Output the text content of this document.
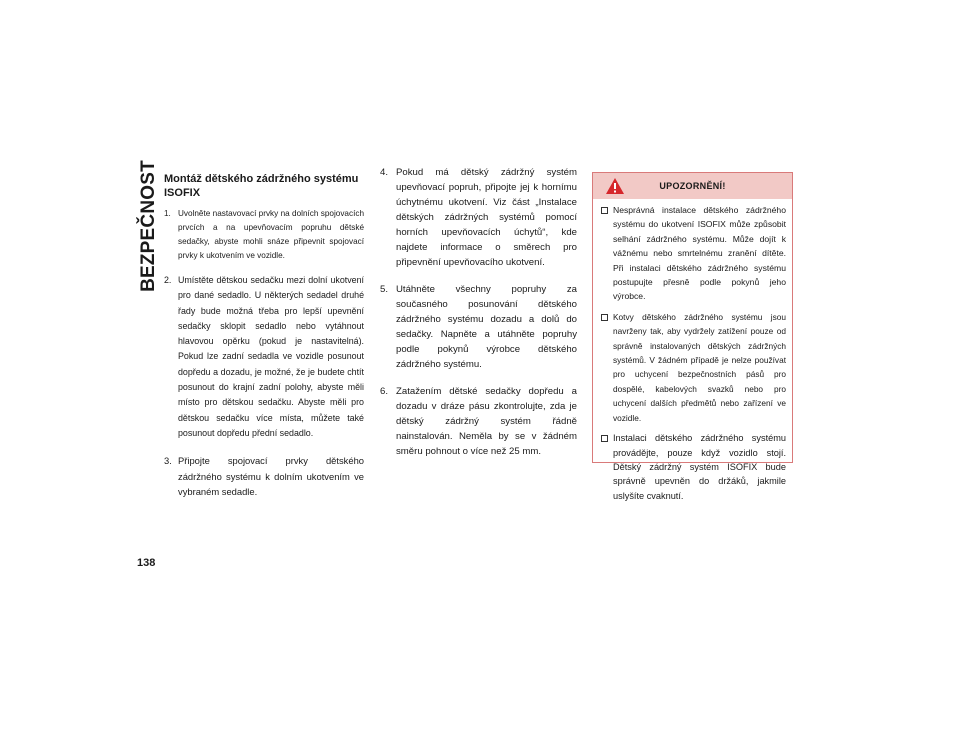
BEZPEČNOST
138
Montáž dětského zádržného systému ISOFIX
1. Uvolněte nastavovací prvky na dolních spojovacích prvcích a na upevňovacím popruhu dětské sedačky, abyste mohli snáze připevnit spojovací prvky k ukotvením ve vozidle.
2. Umístěte dětskou sedačku mezi dolní ukotvení pro dané sedadlo. U některých sedadel druhé řady bude možná třeba pro lepší upevnění sedačky sklopit sedadlo nebo vytáhnout hlavovou opěrku (pokud je nastavitelná). Pokud lze zadní sedadla ve vozidle posunout dopředu a dozadu, je možné, že je budete chtít posunout do krajní zadní polohy, abyste měli místo pro dětskou sedačku. Abyste měli pro dětskou sedačku více místa, můžete také posunout dopředu přední sedadlo.
3. Připojte spojovací prvky dětského zádržného systému k dolním ukotvením ve vybraném sedadle.
4. Pokud má dětský zádržný systém upevňovací popruh, připojte jej k hornímu úchytnému ukotvení. Viz část „Instalace dětských zádržných systémů pomocí horních upevňovacích úchytů“, kde najdete informace o směrech pro připevnění upevňovacího ukotvení.
5. Utáhněte všechny popruhy za současného posunování dětského zádržného systému dozadu a dolů do sedačky. Napněte a utáhněte popruhy podle pokynů výrobce dětského zádržného systému.
6. Zatažením dětské sedačky dopředu a dozadu v dráze pásu zkontrolujte, zda je dětský zádržný systém řádně nainstalován. Neměla by se v žádném směru pohnout o více než 25 mm.
UPOZORNĚNÍ!
Nesprávná instalace dětského zádržného systému do ukotvení ISOFIX může způsobit selhání zádržného systému. Může dojít k vážnému nebo smrtelnému zranění dítěte. Při instalaci dětského zádržného systému postupujte přesně podle pokynů jeho výrobce.
Kotvy dětského zádržného systému jsou navrženy tak, aby vydržely zatížení pouze od správně instalovaných dětských zádržných systémů. V žádném případě je nelze používat pro uchycení bezpečnostních pásů pro dospělé, kabelových svazků nebo pro uchycení dalších předmětů nebo zařízení ve vozidle.
Instalaci dětského zádržného systému provádějte, pouze když vozidlo stojí. Dětský zádržný systém ISOFIX bude správně upevněn do držáků, jakmile uslyšíte cvaknutí.
